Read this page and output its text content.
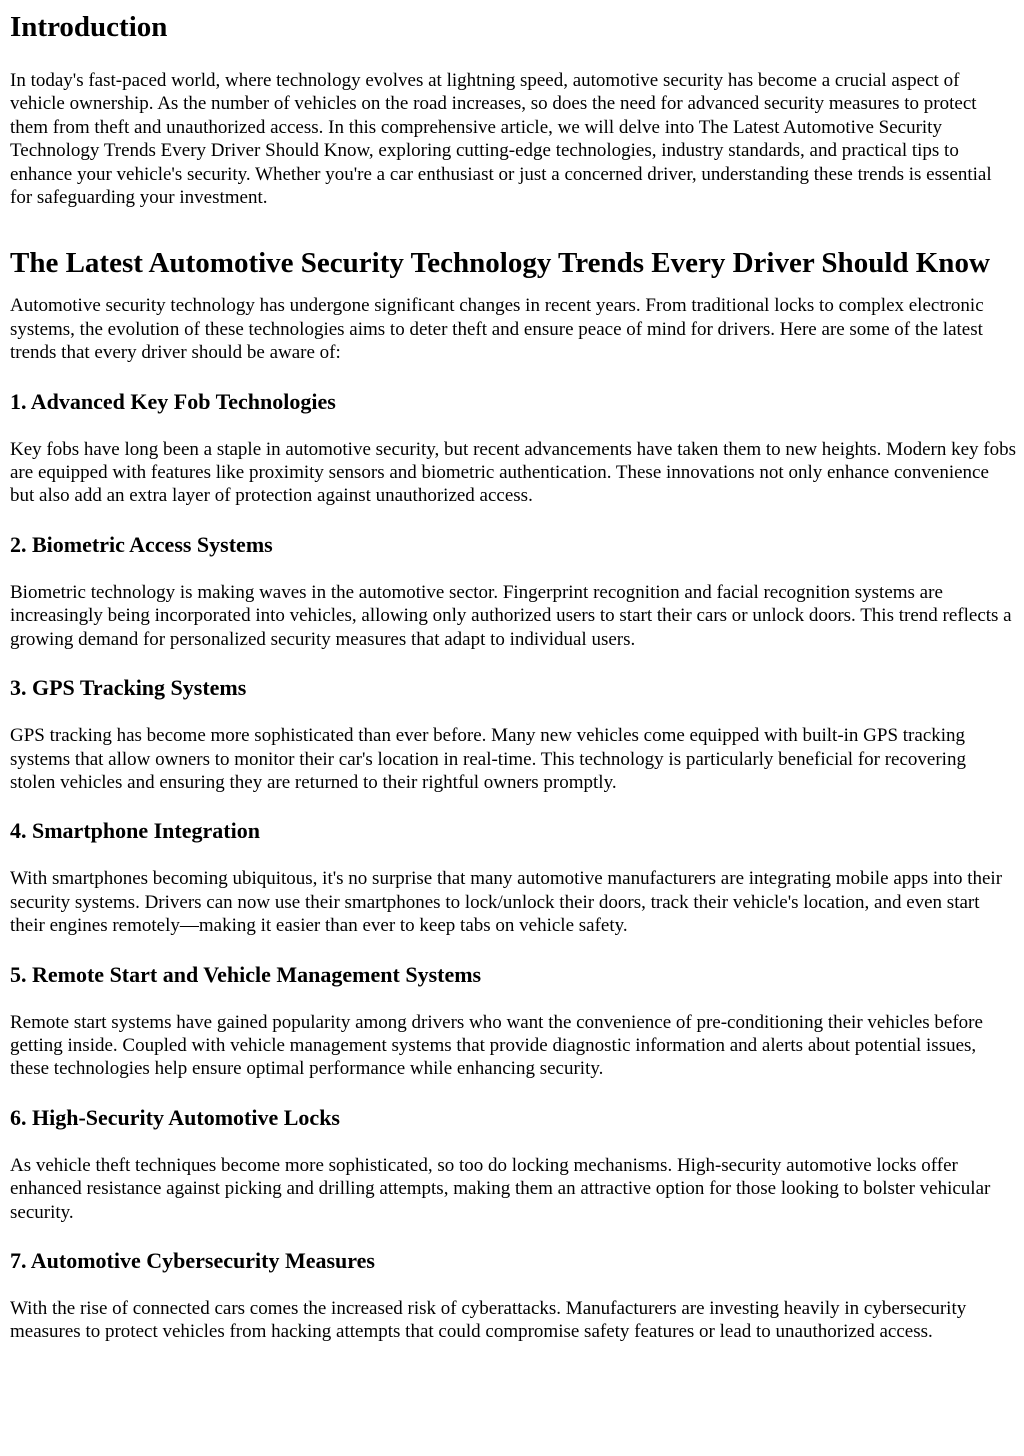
Introduction

In today's fast-paced world, where technology evolves at lightning speed, automotive security has become a crucial aspect of vehicle ownership. As the number of vehicles on the road increases, so does the need for advanced security measures to protect them from theft and unauthorized access. In this comprehensive article, we will delve into The Latest Automotive Security Technology Trends Every Driver Should Know, exploring cutting-edge technologies, industry standards, and practical tips to enhance your vehicle's security. Whether you're a car enthusiast or just a concerned driver, understanding these trends is essential for safeguarding your investment.

The Latest Automotive Security Technology Trends Every Driver Should Know

Automotive security technology has undergone significant changes in recent years. From traditional locks to complex electronic systems, the evolution of these technologies aims to deter theft and ensure peace of mind for drivers. Here are some of the latest trends that every driver should be aware of:

1. Advanced Key Fob Technologies

Key fobs have long been a staple in automotive security, but recent advancements have taken them to new heights. Modern key fobs are equipped with features like proximity sensors and biometric authentication. These innovations not only enhance convenience but also add an extra layer of protection against unauthorized access.

2. Biometric Access Systems

Biometric technology is making waves in the automotive sector. Fingerprint recognition and facial recognition systems are increasingly being incorporated into vehicles, allowing only authorized users to start their cars or unlock doors. This trend reflects a growing demand for personalized security measures that adapt to individual users.

3. GPS Tracking Systems

GPS tracking has become more sophisticated than ever before. Many new vehicles come equipped with built-in GPS tracking systems that allow owners to monitor their car's location in real-time. This technology is particularly beneficial for recovering stolen vehicles and ensuring they are returned to their rightful owners promptly.

4. Smartphone Integration

With smartphones becoming ubiquitous, it's no surprise that many automotive manufacturers are integrating mobile apps into their security systems. Drivers can now use their smartphones to lock/unlock their doors, track their vehicle's location, and even start their engines remotely—making it easier than ever to keep tabs on vehicle safety.

5. Remote Start and Vehicle Management Systems

Remote start systems have gained popularity among drivers who want the convenience of pre-conditioning their vehicles before getting inside. Coupled with vehicle management systems that provide diagnostic information and alerts about potential issues, these technologies help ensure optimal performance while enhancing security.

6. High-Security Automotive Locks

As vehicle theft techniques become more sophisticated, so too do locking mechanisms. High-security automotive locks offer enhanced resistance against picking and drilling attempts, making them an attractive option for those looking to bolster vehicular security.

7. Automotive Cybersecurity Measures

With the rise of connected cars comes the increased risk of cyberattacks. Manufacturers are investing heavily in cybersecurity measures to protect vehicles from hacking attempts that could compromise safety features or lead to unauthorized access.
